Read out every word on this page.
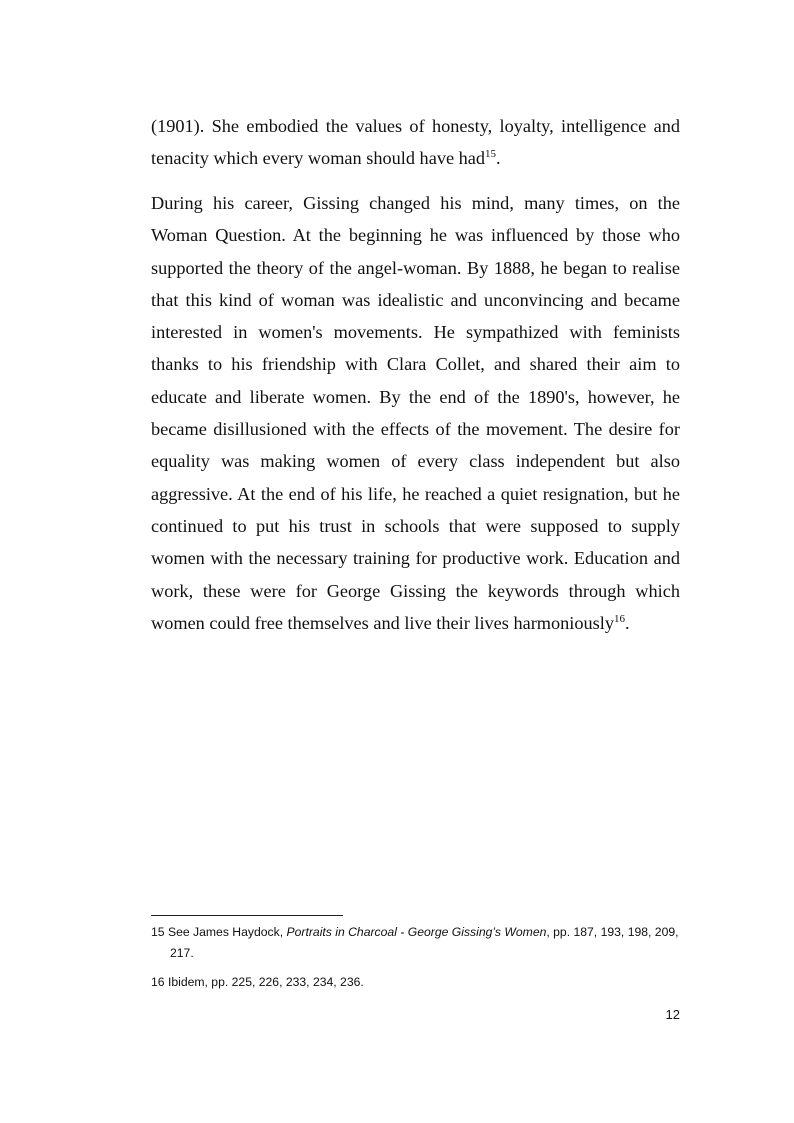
(1901). She embodied the values of honesty, loyalty, intelligence and tenacity which every woman should have had$^{15}$.

During his career, Gissing changed his mind, many times, on the Woman Question. At the beginning he was influenced by those who supported the theory of the angel-woman. By 1888, he began to realise that this kind of woman was idealistic and unconvincing and became interested in women's movements. He sympathized with feminists thanks to his friendship with Clara Collet, and shared their aim to educate and liberate women. By the end of the 1890's, however, he became disillusioned with the effects of the movement. The desire for equality was making women of every class independent but also aggressive. At the end of his life, he reached a quiet resignation, but he continued to put his trust in schools that were supposed to supply women with the necessary training for productive work. Education and work, these were for George Gissing the keywords through which women could free themselves and live their lives harmoniously$^{16}$.

15 See James Haydock, Portraits in Charcoal - George Gissing’s Women, pp. 187, 193, 198, 209,
217.
16 Ibidem, pp. 225, 226, 233, 234, 236.
12
